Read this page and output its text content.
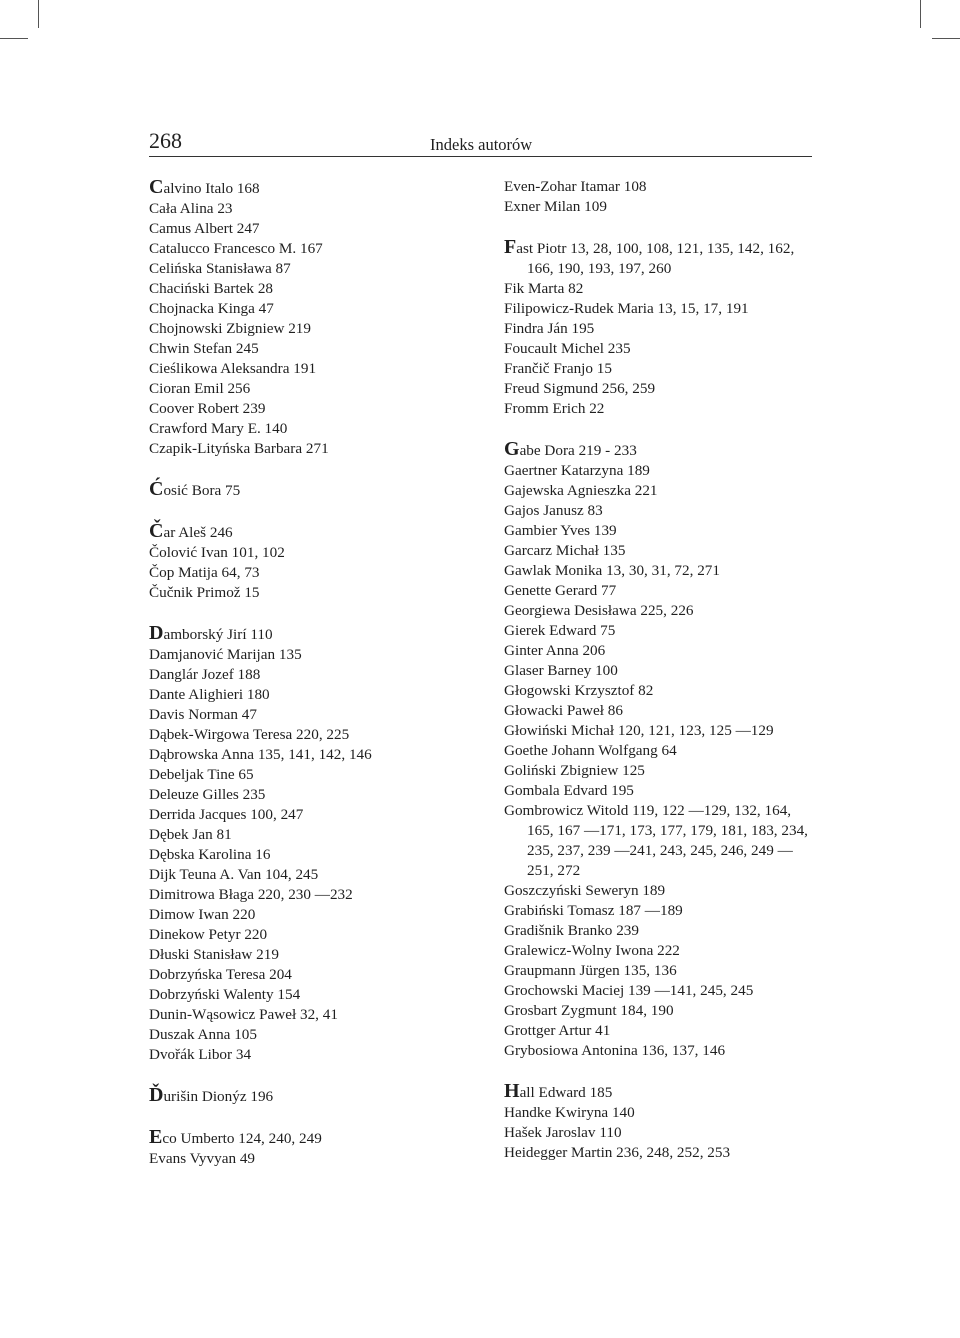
268	Indeks autorów
Calvino Italo 168
Cała Alina 23
Camus Albert 247
Catalucco Francesco M. 167
Celińska Stanisława 87
Chaciński Bartek 28
Chojnacka Kinga 47
Chojnowski Zbigniew 219
Chwin Stefan 245
Cieślikowa Aleksandra 191
Cioran Emil 256
Coover Robert 239
Crawford Mary E. 140
Czapik-Lityńska Barbara 271
Ćosić Bora 75
Čar Aleš 246
Čolović Ivan 101, 102
Čop Matija 64, 73
Čučnik Primož 15
Damborský Jirí 110
Damjanović Marijan 135
Danglár Jozef 188
Dante Alighieri 180
Davis Norman 47
Dąbek-Wirgowa Teresa 220, 225
Dąbrowska Anna 135, 141, 142, 146
Debeljak Tine 65
Deleuze Gilles 235
Derrida Jacques 100, 247
Dębek Jan 81
Dębska Karolina 16
Dijk Teuna A. Van 104, 245
Dimitrowa Błaga 220, 230 —232
Dimow Iwan 220
Dinekow Petyr 220
Dłuski Stanisław 219
Dobrzyńska Teresa 204
Dobrzyński Walenty 154
Dunin-Wąsowicz Paweł 32, 41
Duszak Anna 105
Dvořák Libor 34
Ďurišin Dionýz 196
Eco Umberto 124, 240, 249
Evans Vyvyan 49
Even-Zohar Itamar 108
Exner Milan 109
Fast Piotr 13, 28, 100, 108, 121, 135, 142, 162,
166, 190, 193, 197, 260
Fik Marta 82
Filipowicz-Rudek Maria 13, 15, 17, 191
Findra Ján 195
Foucault Michel 235
Frančič Franjo 15
Freud Sigmund 256, 259
Fromm Erich 22
Gabe Dora 219 - 233
Gaertner Katarzyna 189
Gajewska Agnieszka 221
Gajos Janusz 83
Gambier Yves 139
Garcarz Michał 135
Gawlak Monika 13, 30, 31, 72, 271
Genette Gerard 77
Georgiewa Desisława 225, 226
Gierek Edward 75
Ginter Anna 206
Glaser Barney 100
Głogowski Krzysztof 82
Głowacki Paweł 86
Głowiński Michał 120, 121, 123, 125 —129
Goethe Johann Wolfgang 64
Goliński Zbigniew 125
Gombala Edvard 195
Gombrowicz Witold 119, 122 —129, 132, 164,
165, 167 —171, 173, 177, 179, 181, 183, 234,
235, 237, 239 —241, 243, 245, 246, 249 —
251, 272
Goszczyński Seweryn 189
Grabiński Tomasz 187 —189
Gradišnik Branko 239
Gralewicz-Wolny Iwona 222
Graupmann Jürgen 135, 136
Grochowski Maciej 139 —141, 245, 245
Grosbart Zygmunt 184, 190
Grottger Artur 41
Grybosiowa Antonina 136, 137, 146
Hall Edward 185
Handke Kwiryna 140
Hašek Jaroslav 110
Heidegger Martin 236, 248, 252, 253
